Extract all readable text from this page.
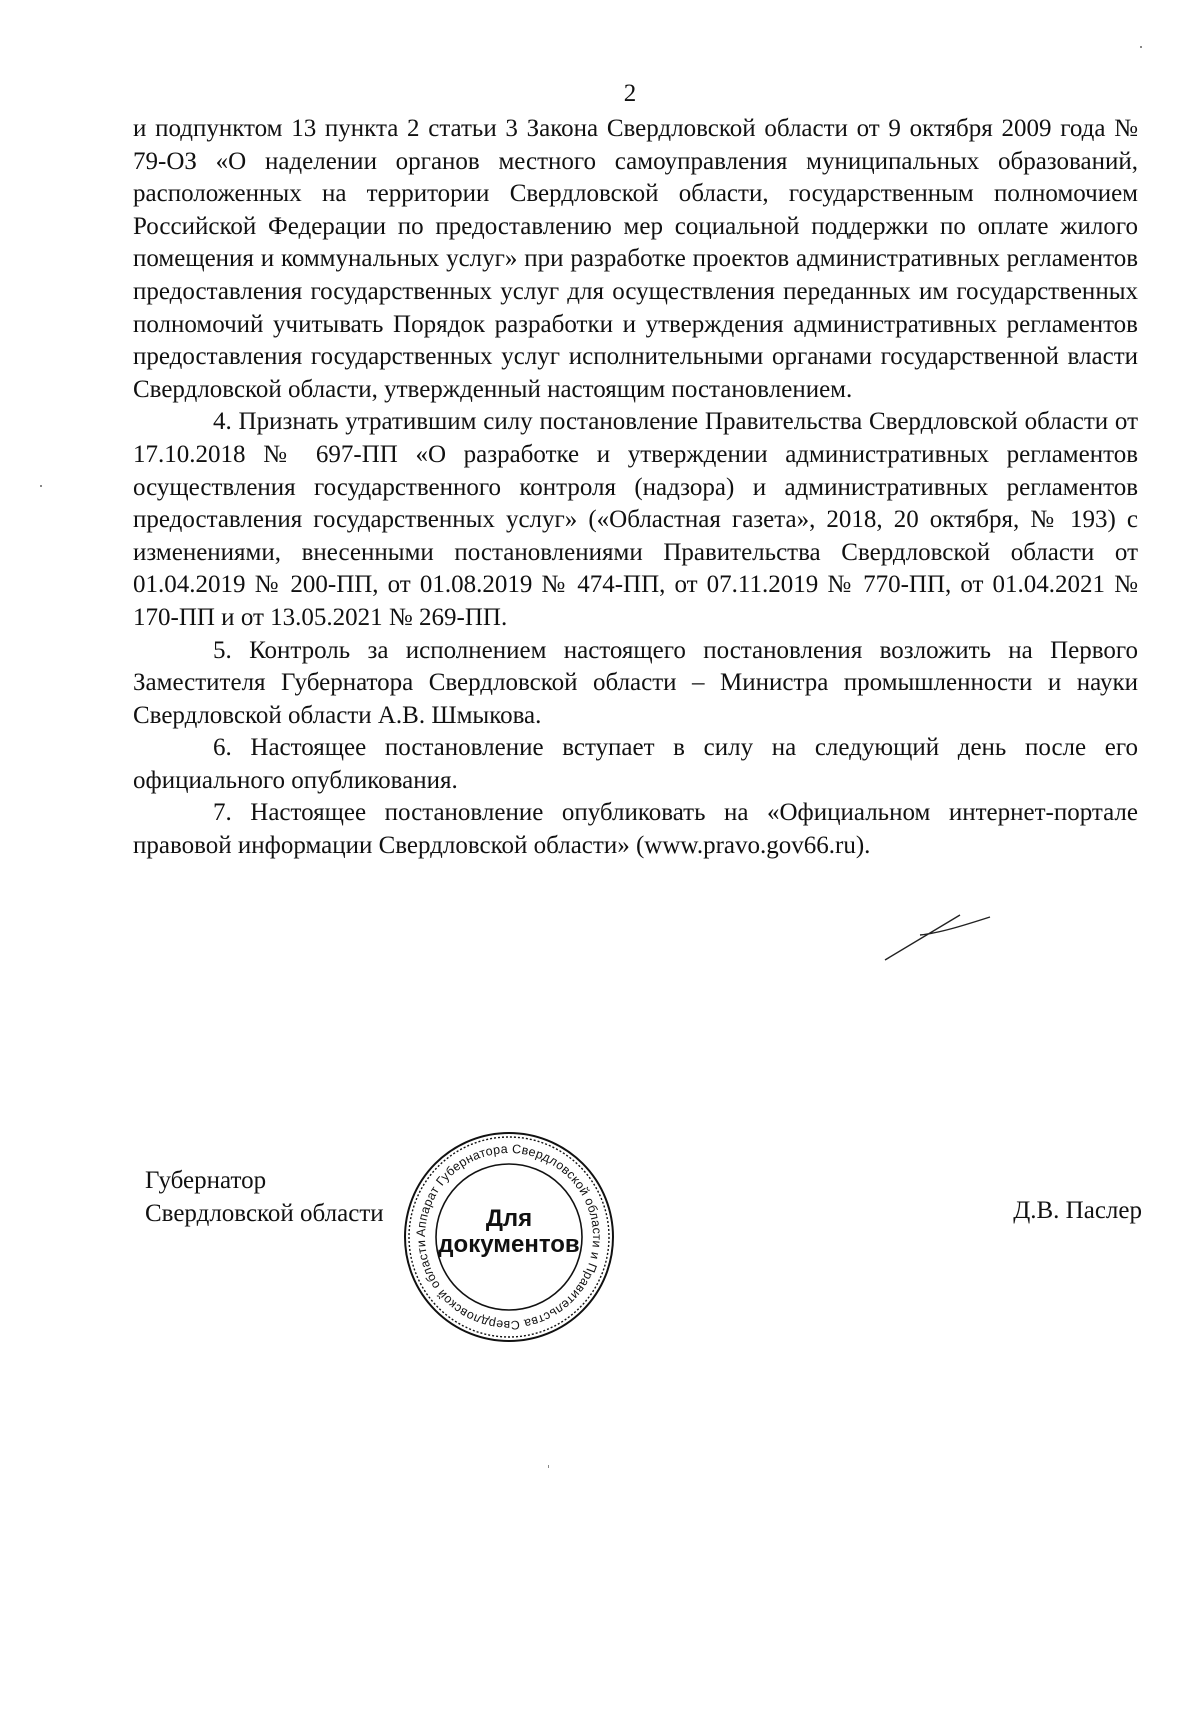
2

и подпунктом 13 пункта 2 статьи 3 Закона Свердловской области от 9 октября 2009 года № 79-ОЗ «О наделении органов местного самоуправления муниципальных образований, расположенных на территории Свердловской области, государственным полномочием Российской Федерации по предоставлению мер социальной поддержки по оплате жилого помещения и коммунальных услуг» при разработке проектов административных регламентов предоставления государственных услуг для осуществления переданных им государственных полномочий учитывать Порядок разработки и утверждения административных регламентов предоставления государственных услуг исполнительными органами государственной власти Свердловской области, утвержденный настоящим постановлением.

4. Признать утратившим силу постановление Правительства Свердловской области от 17.10.2018 № 697-ПП «О разработке и утверждении административных регламентов осуществления государственного контроля (надзора) и административных регламентов предоставления государственных услуг» («Областная газета», 2018, 20 октября, № 193) с изменениями, внесенными постановлениями Правительства Свердловской области от 01.04.2019 № 200-ПП, от 01.08.2019 № 474-ПП, от 07.11.2019 № 770-ПП, от 01.04.2021 № 170-ПП и от 13.05.2021 № 269-ПП.

5. Контроль за исполнением настоящего постановления возложить на Первого Заместителя Губернатора Свердловской области – Министра промышленности и науки Свердловской области А.В. Шмыкова.

6. Настоящее постановление вступает в силу на следующий день после его официального опубликования.

7. Настоящее постановление опубликовать на «Официальном интернет-портале правовой информации Свердловской области» (www.pravo.gov66.ru).

Губернатор
Свердловской области	Д.В. Паслер
Аппарат Губернатора Свердловской области и Правительства Свердловской области
Для
документов
